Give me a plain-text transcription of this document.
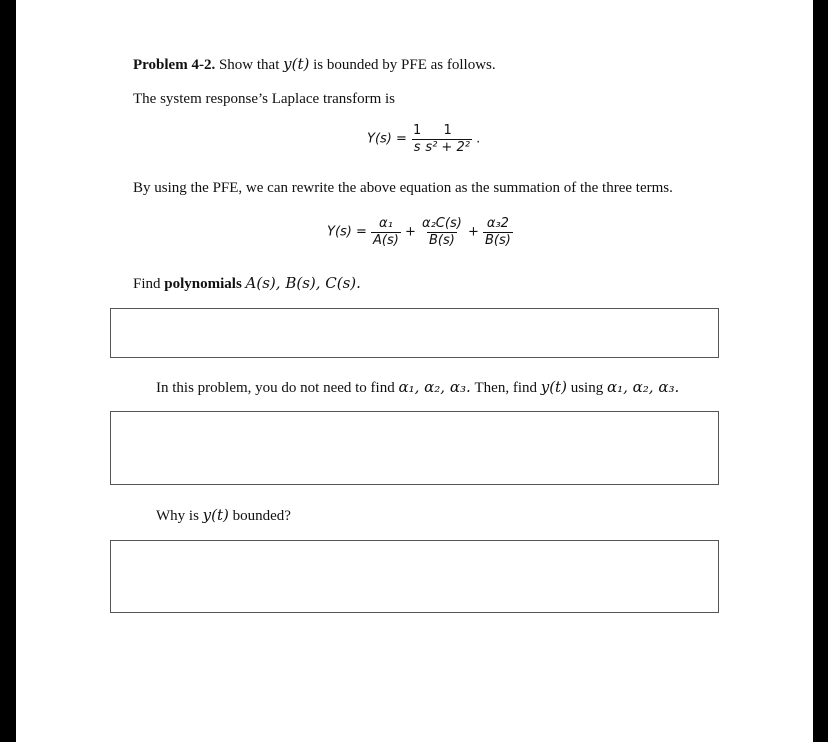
Problem 4-2. Show that y(t) is bounded by PFE as follows.
The system response’s Laplace transform is
$Y(s) = \frac{1}{s} \frac{1}{\text{s² + 2²}}$ .
By using the PFE, we can rewrite the above equation as the summation of the three terms.
$Y(s) = \frac{\text{α₁}}{A(s)} + \frac{\text{α₂C(s)}}{B(s)} + \frac{\text{α₃2}}{B(s)}$
Find polynomials A(s), B(s), C(s).
In this problem, you do not need to find α₁, α₂, α₃. Then, find y(t) using α₁, α₂, α₃.
Why is y(t) bounded?
